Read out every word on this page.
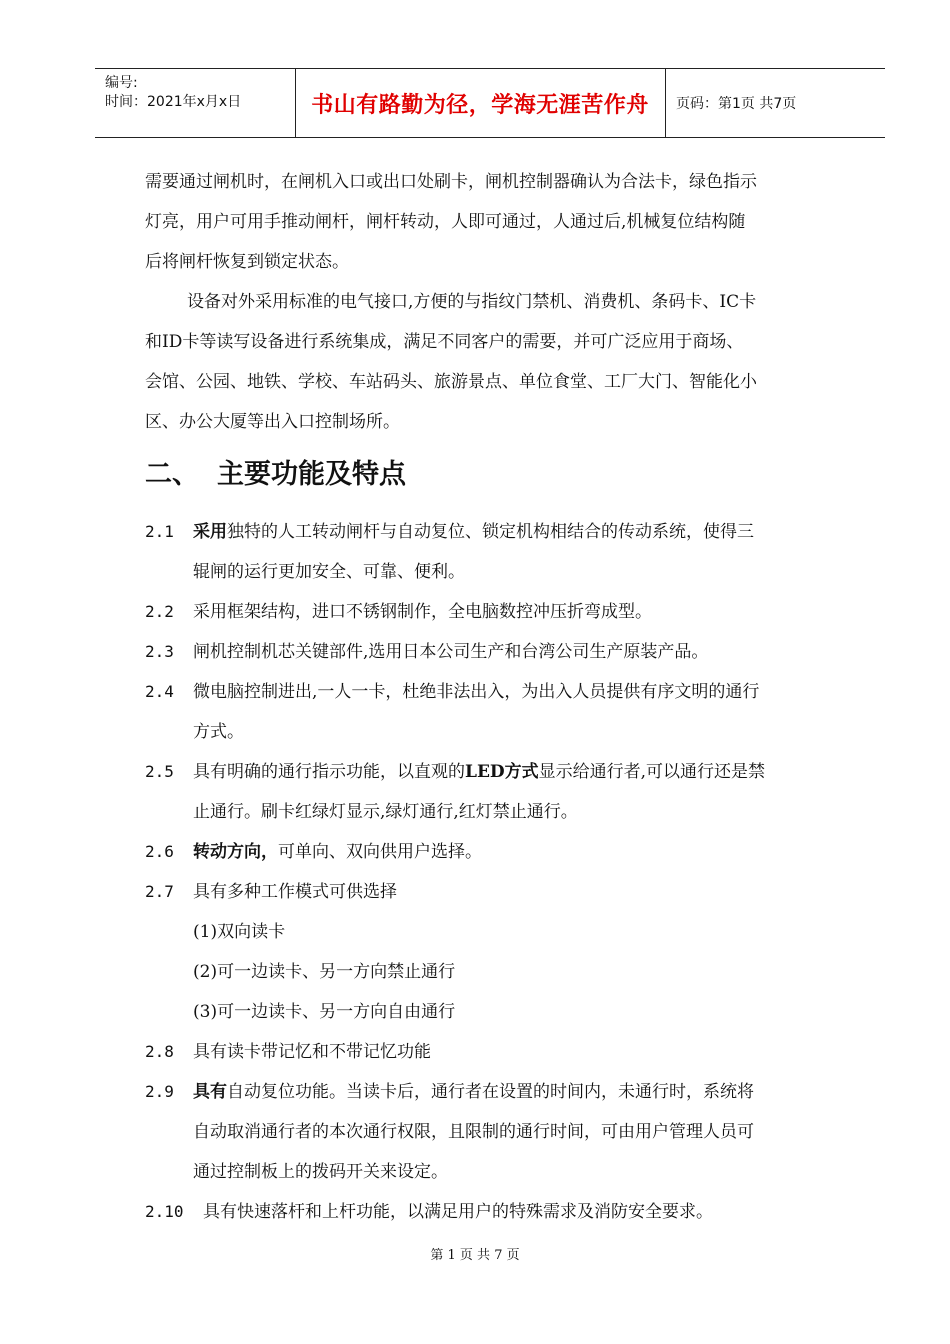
编号:
时间：2021年x月x日	书山有路勤为径，学海无涯苦作舟 页码：第1页 共7页
需要通过闸机时，在闸机入口或出口处刷卡，闸机控制器确认为合法卡，绿色指示
灯亮，用户可用手推动闸杆，闸杆转动，人即可通过，人通过后,机械复位结构随
后将闸杆恢复到锁定状态。
设备对外采用标准的电气接口,方便的与指纹门禁机、消费机、条码卡、IC卡
和ID卡等读写设备进行系统集成，满足不同客户的需要，并可广泛应用于商场、
会馆、公园、地铁、学校、车站码头、旅游景点、单位食堂、工厂大门、智能化小
区、办公大厦等出入口控制场所。
二、 主要功能及特点
2.1 采用独特的人工转动闸杆与自动复位、锁定机构相结合的传动系统，使得三
辊闸的运行更加安全、可靠、便利。
2.2 采用框架结构，进口不锈钢制作，全电脑数控冲压折弯成型。
2.3 闸机控制机芯关键部件,选用日本公司生产和台湾公司生产原装产品。
2.4 微电脑控制进出,一人一卡，杜绝非法出入，为出入人员提供有序文明的通行
方式。
2.5 具有明确的通行指示功能，以直观的LED方式显示给通行者,可以通行还是禁
止通行。刷卡红绿灯显示,绿灯通行,红灯禁止通行。
2.6 转动方向，可单向、双向供用户选择。
2.7 具有多种工作模式可供选择
(1)双向读卡
(2)可一边读卡、另一方向禁止通行
(3)可一边读卡、另一方向自由通行
2.8 具有读卡带记忆和不带记忆功能
2.9 具有自动复位功能。当读卡后，通行者在设置的时间内，未通行时，系统将
自动取消通行者的本次通行权限，且限制的通行时间，可由用户管理人员可
通过控制板上的拨码开关来设定。
2.10 具有快速落杆和上杆功能，以满足用户的特殊需求及消防安全要求。
第 1 页 共 7 页
